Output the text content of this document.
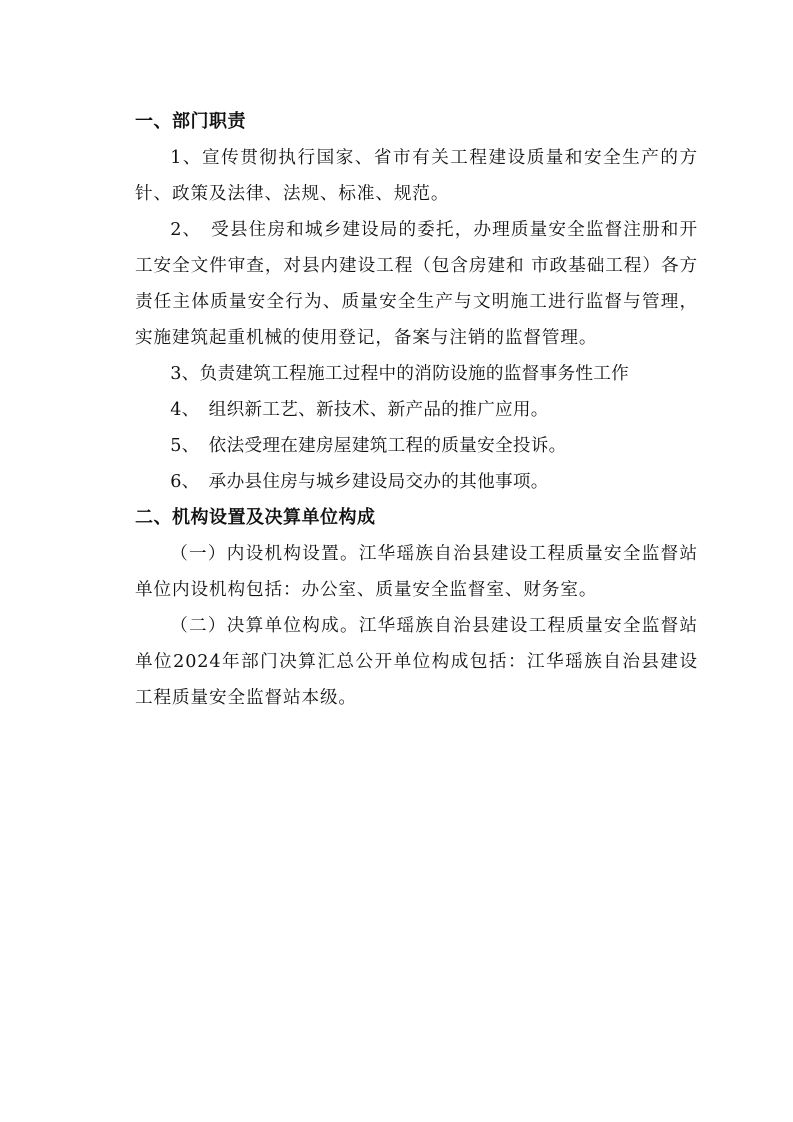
一、部门职责

1、宣传贯彻执行国家、省市有关工程建设质量和安全生产的方针、政策及法律、法规、标准、规范。

2、　受县住房和城乡建设局的委托，办理质量安全监督注册和开工安全文件审查，对县内建设工程（包含房建和 市政基础工程）各方责任主体质量安全行为、质量安全生产与文明施工进行监督与管理，实施建筑起重机械的使用登记，备案与注销的监督管理。

3、负责建筑工程施工过程中的消防设施的监督事务性工作

4、　组织新工艺、新技术、新产品的推广应用。

5、　依法受理在建房屋建筑工程的质量安全投诉。

6、　承办县住房与城乡建设局交办的其他事项。

二、机构设置及决算单位构成

（一）内设机构设置。江华瑶族自治县建设工程质量安全监督站单位内设机构包括：办公室、质量安全监督室、财务室。

（二）决算单位构成。江华瑶族自治县建设工程质量安全监督站单位2024年部门决算汇总公开单位构成包括：江华瑶族自治县建设工程质量安全监督站本级。
